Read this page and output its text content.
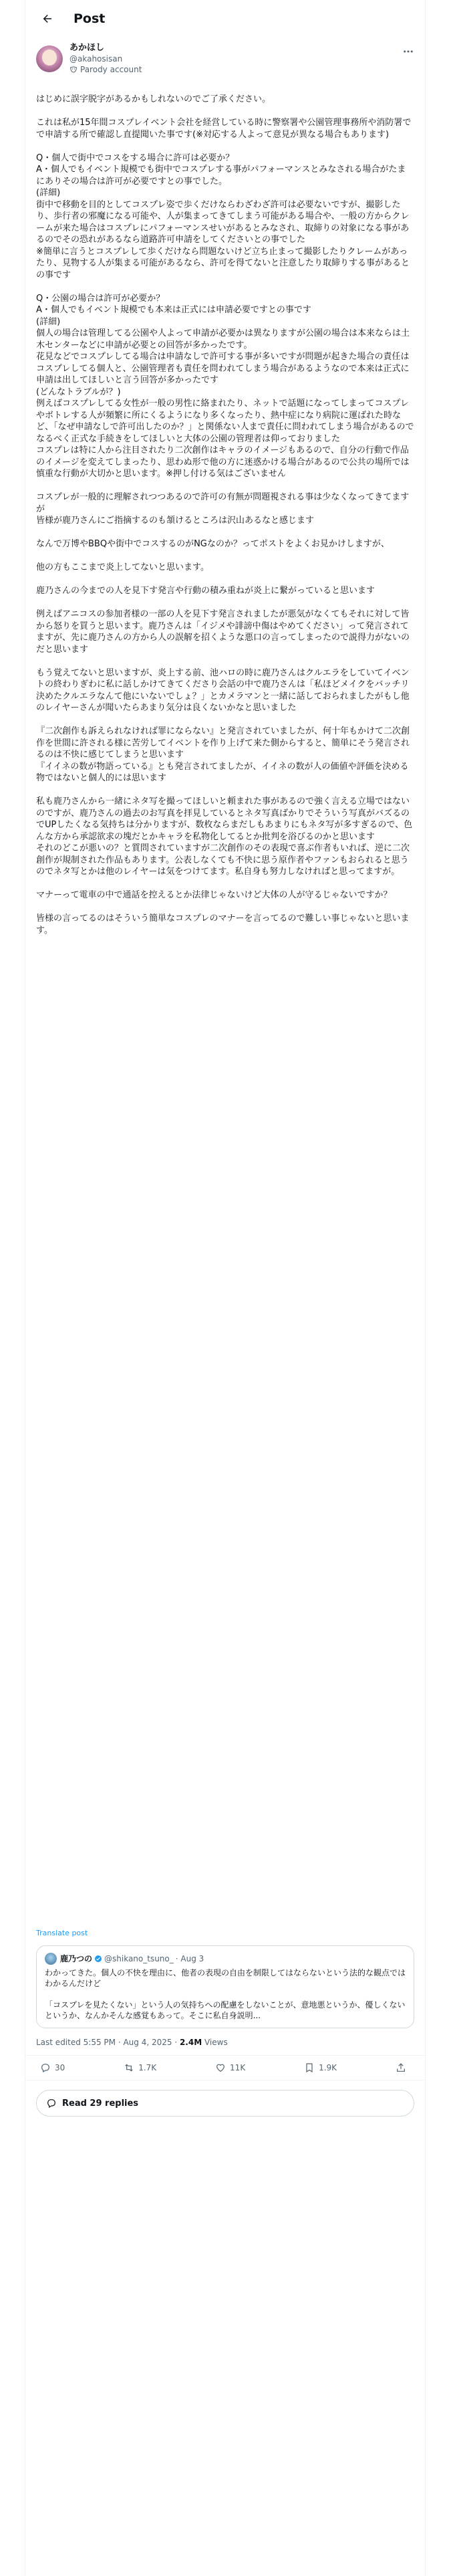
Post
あかほし
@akahosisan
Parody account
はじめに誤字脱字があるかもしれないのでご了承ください。

これは私が15年間コスプレイベント会社を経営している時に警察署や公園管理事務所や消防署でで申請する所で確認し直提聞いた事です(※対応する人よって意見が異なる場合もあります)

Q・個人で街中でコスをする場合に許可は必要か？
A・個人でもイベント規模でも街中でコスプレする事がパフォーマンスとみなされる場合がたまにありその場合は許可が必要ですとの事でした。
(詳細)
街中で移動を目的としてコスプレ姿で歩くだけならわざわざ許可は必要ないですが、撮影したり、歩行者の邪魔になる可能や、人が集まってきてしまう可能がある場合や、一般の方からクレームが来た場合はコスプレにパフォーマンスせいがあるとみなされ、取締りの対象になる事があるのでその恐れがあるなら道路許可申請をしてくださいとの事でした
※簡単に言うとコスプレして歩くだけなら問題ないけど立ち止まって撮影したりクレームがあったり、見物する人が集まる可能があるなら、許可を得てないと注意したり取締りする事があるとの事です

Q・公園の場合は許可が必要か？
A・個人でもイベント規模でも本来は正式には申請必要ですとの事です
(詳細)
個人の場合は管理してる公園や人よって申請が必要かは異なりますが公園の場合は本来ならは土木センターなどに申請が必要との回答が多かったです。
花見などでコスプレしてる場合は申請なしで許可する事が多いですが問題が起きた場合の責任はコスプレしてる個人と、公園管理者も責任を問われてしまう場合があるようなので本来は正式に申請は出してほしいと言う回答が多かったです
(どんなトラブルが？)
例えばコスプレしてる女性が一般の男性に絡まれたり、ネットで話題になってしまってコスプレやボトレする人が頻繁に所にくるようになり多くなったり、熱中症になり病院に運ばれた時など、「なぜ申請なしで許可出したのか？」と関係ない人まで責任に問われてしまう場合があるのでなるべく正式な手続きをしてほしいと大体の公園の管理者は仰っておりました
コスプレは特に人から注目されたり二次創作はキャラのイメージもあるので、自分の行動で作品のイメージを変えてしまったり、思わぬ形で他の方に迷惑かける場合があるので公共の場所では慎重な行動が大切かと思います。※押し付ける気はございません

コスプレが一般的に理解されつつあるので許可の有無が問題視される事は少なくなってきてますが
皆様が鹿乃さんにご指摘するのも頷けるところは沢山あるなと感じます

なんで万博やBBQや街中でコスするのがNGなのか？ってポストをよくお見かけしますが、

他の方もここまで炎上してないと思います。

鹿乃さんの今までの人を見下す発言や行動の積み重ねが炎上に繋がっていると思います

例えばアニコスの参加者様の一部の人を見下す発言されましたが悪気がなくてもそれに対して皆から怒りを買うと思います。鹿乃さんは「イジメや誹謗中傷はやめてください」って発言されてますが、先に鹿乃さんの方から人の誤解を招くような悪口の言ってしまったので説得力がないのだと思います

もう覚えてないと思いますが、炎上する前、池ハロの時に鹿乃さんはクルエラをしていてイベントの終わりぎわに私に話しかけてきてくださり会話の中で鹿乃さんは「私ほどメイクをバッチリ決めたクルエラなんて他にいないでしょ？」とカメラマンと一緒に話しておられましたがもし他のレイヤーさんが聞いたらあまり気分は良くないかなと思いました

『二次創作も訴えられなければ罪にならない』と発言されていましたが、何十年もかけて二次創作を世間に許される様に苦労してイベントを作り上げて来た側からすると、簡単にそう発言されるのは不快に感じてしまうと思います
『イイネの数が物語っている』とも発言されてましたが、イイネの数が人の価値や評価を決める物ではないと個人的には思います

私も鹿乃さんから一緒にネタ写を撮ってほしいと頼まれた事があるので強く言える立場ではないのですが、鹿乃さんの過去のお写真を拝見しているとネタ写真ばかりでそういう写真がバズるのでUPしたくなる気持ちは分かりますが、数枚ならまだしもあまりにもネタ写が多すぎるので、色んな方から承認欲求の塊だとかキャラを私物化してるとか批判を浴びるのかと思います
それのどこが悪いの？と質問されていますが二次創作のその表現で喜ぶ作者もいれば、逆に二次創作が規制された作品もあります。公表しなくても不快に思う原作者やファンもおられると思うのでネタ写とかは他のレイヤーは気をつけてます。私自身も努力しなければと思ってますが。

マナーって電車の中で通話を控えるとか法律じゃないけど大体の人が守るじゃないですか？

皆様の言ってるのはそういう簡単なコスプレのマナーを言ってるので難しい事じゃないと思います。
Translate post
鹿乃つの @shikano_tsuno_ · Aug 3
わかってきた。個人の不快を理由に、他者の表現の自由を制限してはならないという法的な観点ではわかるんだけど

「コスプレを見たくない」という人の気持ちへの配慮をしないことが、意地悪というか、優しくないというか、なんかそんな感覚もあって。そこに私自身説明...
Last edited 5:55 PM · Aug 4, 2025 · 2.4M Views
30	1.7K	11K	1.9K
Read 29 replies
